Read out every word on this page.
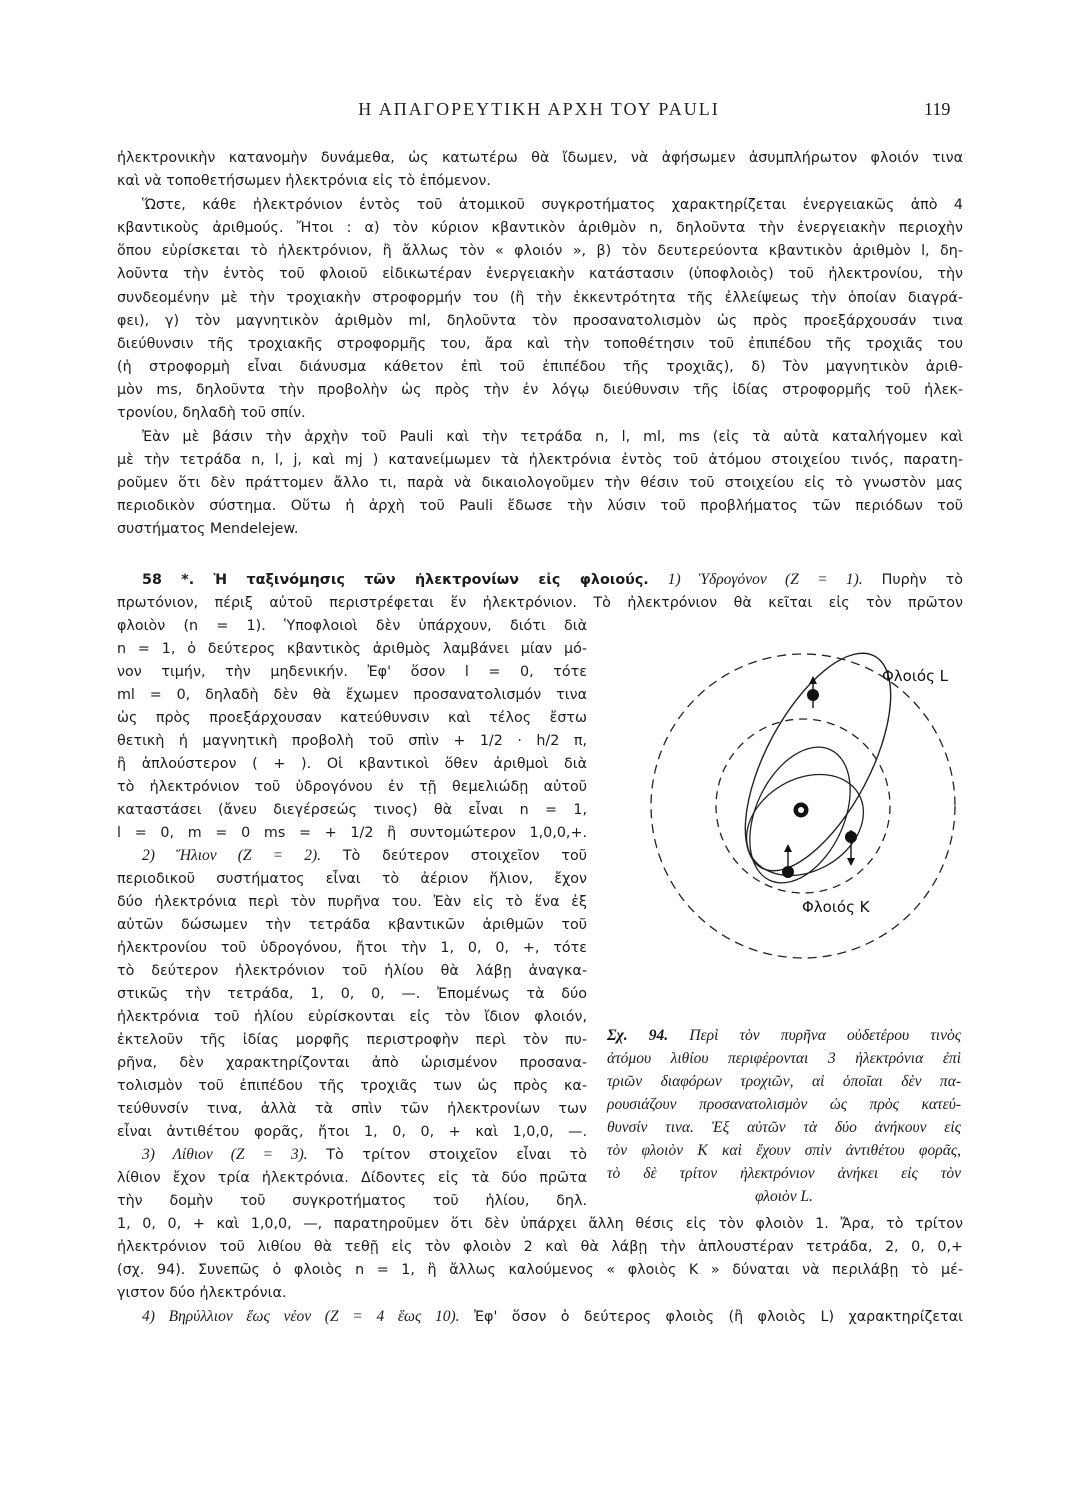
Η ΑΠΑΓΟΡΕΥΤΙΚΗ ΑΡΧΗ ΤΟΥ PAULI	119
ἠλεκτρονικὴν κατανομὴν δυνάμεθα, ὡς κατωτέρω θὰ ἴδωμεν, νὰ ἀφήσωμεν ἀσυμπλήρωτον φλοιόν τινα
καὶ νὰ τοποθετήσωμεν ἠλεκτρόνια εἰς τὸ ἑπόμενον.
Ὥστε, κάθε ἠλεκτρόνιον ἐντὸς τοῦ ἀτομικοῦ συγκροτήματος χαρακτηρίζεται ἐνεργειακῶς ἀπὸ 4
κβαντικοὺς ἀριθμούς. Ἤτοι : α) τὸν κύριον κβαντικὸν ἀριθμὸν n, δηλοῦντα τὴν ἐνεργειακὴν περιοχὴν
ὅπου εὑρίσκεται τὸ ἠλεκτρόνιον, ἢ ἄλλως τὸν « φλοιόν », β) τὸν δευτερεύοντα κβαντικὸν ἀριθμὸν l, δη-
λοῦντα τὴν ἐντὸς τοῦ φλοιοῦ εἰδικωτέραν ἐνεργειακὴν κατάστασιν (ὑποφλοιὸς) τοῦ ἠλεκτρονίου, τὴν
συνδεομένην μὲ τὴν τροχιακὴν στροφορμήν του (ἢ τὴν ἐκκεντρότητα τῆς ἐλλείψεως τὴν ὁποίαν διαγρά-
φει), γ) τὸν μαγνητικὸν ἀριθμὸν ml, δηλοῦντα τὸν προσανατολισμὸν ὡς πρὸς προεξάρχουσάν τινα
διεύθυνσιν τῆς τροχιακῆς στροφορμῆς του, ἄρα καὶ τὴν τοποθέτησιν τοῦ ἐπιπέδου τῆς τροχιᾶς του
(ἡ στροφορμὴ εἶναι διάνυσμα κάθετον ἐπὶ τοῦ ἐπιπέδου τῆς τροχιᾶς), δ) Τὸν μαγνητικὸν ἀριθ-
μὸν ms, δηλοῦντα τὴν προβολὴν ὡς πρὸς τὴν ἐν λόγῳ διεύθυνσιν τῆς ἰδίας στροφορμῆς τοῦ ἠλεκ-
τρονίου, δηλαδὴ τοῦ σπίν.
Ἐὰν μὲ βάσιν τὴν ἀρχὴν τοῦ Pauli καὶ τὴν τετράδα n, l, ml, ms (εἰς τὰ αὐτὰ καταλήγομεν καὶ
μὲ τὴν τετράδα n, l, j, καὶ mj ) κατανείμωμεν τὰ ἠλεκτρόνια ἐντὸς τοῦ ἀτόμου στοιχείου τινός, παρατη-
ροῦμεν ὅτι δὲν πράττομεν ἄλλο τι, παρὰ νὰ δικαιολογοῦμεν τὴν θέσιν τοῦ στοιχείου εἰς τὸ γνωστὸν μας
περιοδικὸν σύστημα. Οὕτω ἡ ἀρχὴ τοῦ Pauli ἔδωσε τὴν λύσιν τοῦ προβλήματος τῶν περιόδων τοῦ
συστήματος Mendelejew.
58 *. Ἡ ταξινόμησις τῶν ἠλεκτρονίων εἰς φλοιούς. 1) Ὑδρογόνον (Z = 1). Πυρὴν τὸ
πρωτόνιον, πέριξ αὐτοῦ περιστρέφεται ἕν ἠλεκτρόνιον. Τὸ ἠλεκτρόνιον θὰ κεῖται εἰς τὸν πρῶτον
φλοιὸν (n = 1). Ὑποφλοιοὶ δὲν ὑπάρχουν, διότι διὰ
n = 1, ὁ δεύτερος κβαντικὸς ἀριθμὸς λαμβάνει μίαν μό-
νον τιμήν, τὴν μηδενικήν. Ἐφ' ὅσον l = 0, τότε
ml = 0, δηλαδὴ δὲν θὰ ἔχωμεν προσανατολισμόν τινα
ὡς πρὸς προεξάρχουσαν κατεύθυνσιν καὶ τέλος ἔστω
θετικὴ ἡ μαγνητικὴ προβολὴ τοῦ σπὶν + 1/2 · h/2 π,
ἢ ἁπλούστερον ( + ). Οἱ κβαντικοὶ ὅθεν ἀριθμοὶ διὰ
τὸ ἠλεκτρόνιον τοῦ ὑδρογόνου ἐν τῇ θεμελιώδῃ αὐτοῦ
καταστάσει (ἄνευ διεγέρσεώς τινος) θὰ εἶναι n = 1,
l = 0, m = 0 ms = + 1/2 ἢ συντομώτερον 1,0,0,+.
2) Ἥλιον (Z = 2). Τὸ δεύτερον στοιχεῖον τοῦ
περιοδικοῦ συστήματος εἶναι τὸ ἀέριον ἥλιον, ἔχον
δύο ἠλεκτρόνια περὶ τὸν πυρῆνα του. Ἐὰν εἰς τὸ ἕνα ἐξ
αὐτῶν δώσωμεν τὴν τετράδα κβαντικῶν ἀριθμῶν τοῦ
ἠλεκτρονίου τοῦ ὑδρογόνου, ἤτοι τὴν 1, 0, 0, +, τότε
τὸ δεύτερον ἠλεκτρόνιον τοῦ ἡλίου θὰ λάβῃ ἀναγκα-
στικῶς τὴν τετράδα, 1, 0, 0, —. Ἐπομένως τὰ δύο
ἠλεκτρόνια τοῦ ἡλίου εὑρίσκονται εἰς τὸν ἴδιον φλοιόν,
ἐκτελοῦν τῆς ἰδίας μορφῆς περιστροφὴν περὶ τὸν πυ-
ρῆνα, δὲν χαρακτηρίζονται ἀπὸ ὡρισμένον προσανα-
τολισμὸν τοῦ ἐπιπέδου τῆς τροχιᾶς των ὡς πρὸς κα-
τεύθυνσίν τινα, ἀλλὰ τὰ σπὶν τῶν ἠλεκτρονίων των
εἶναι ἀντιθέτου φορᾶς, ἤτοι 1, 0, 0, + καὶ 1,0,0, —.
3) Λίθιον (Z = 3). Τὸ τρίτον στοιχεῖον εἶναι τὸ
λίθιον ἔχον τρία ἠλεκτρόνια. Δίδοντες εἰς τὰ δύο πρῶτα
τὴν δομὴν τοῦ συγκροτήματος τοῦ ἡλίου, δηλ.
1, 0, 0, + καὶ 1,0,0, —, παρατηροῦμεν ὅτι δὲν ὑπάρχει ἄλλη θέσις εἰς τὸν φλοιὸν 1. Ἄρα, τὸ τρίτον
ἠλεκτρόνιον τοῦ λιθίου θὰ τεθῇ εἰς τὸν φλοιὸν 2 καὶ θὰ λάβῃ τὴν ἁπλουστέραν τετράδα, 2, 0, 0,+
(σχ. 94). Συνεπῶς ὁ φλοιὸς n = 1, ἢ ἄλλως καλούμενος « φλοιὸς K » δύναται νὰ περιλάβῃ τὸ μέ-
γιστον δύο ἠλεκτρόνια.
4) Βηρύλλιον ἕως νέον (Z = 4 ἕως 10). Ἐφ' ὅσον ὁ δεύτερος φλοιὸς (ἢ φλοιὸς L) χαρακτηρίζεται
Φλοιός L
Φλοιός K
Σχ. 94. Περὶ τὸν πυρῆνα οὐδετέρου τινὸς
ἀτόμου λιθίου περιφέρονται 3 ἠλεκτρόνια ἐπὶ
τριῶν διαφόρων τροχιῶν, αἱ ὁποῖαι δὲν πα-
ρουσιάζουν προσανατολισμὸν ὡς πρὸς κατεύ-
θυνσίν τινα. Ἐξ αὐτῶν τὰ δύο ἀνήκουν εἰς
τὸν φλοιὸν K καὶ ἔχουν σπὶν ἀντιθέτου φορᾶς,
τὸ δὲ τρίτον ἠλεκτρόνιον ἀνήκει εἰς τὸν
φλοιὸν L.
